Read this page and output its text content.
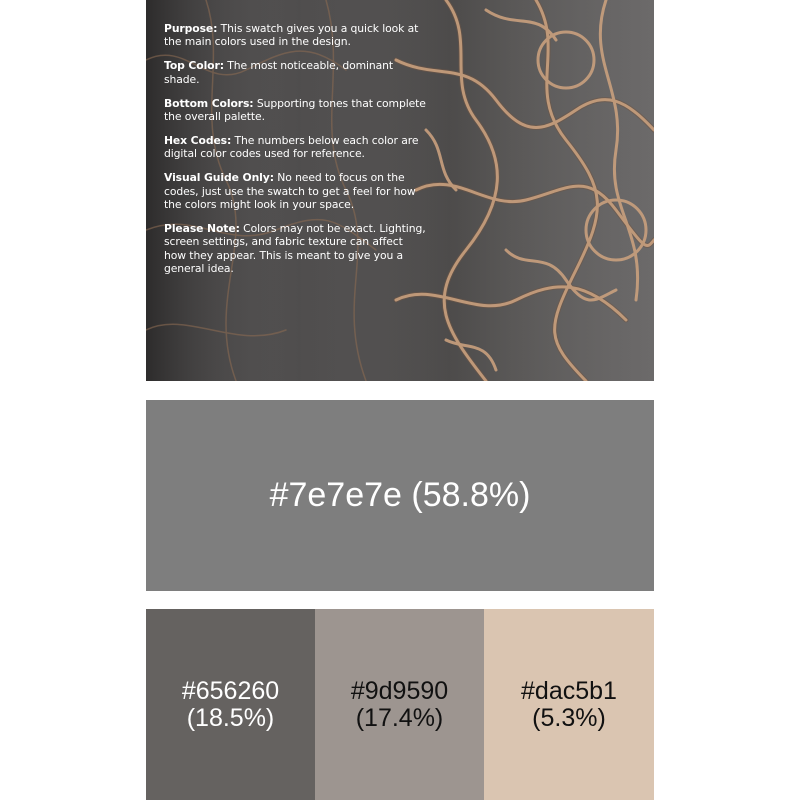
Purpose: This swatch gives you a quick look at the main colors used in the design.

Top Color: The most noticeable, dominant shade.

Bottom Colors: Supporting tones that complete the overall palette.

Hex Codes: The numbers below each color are digital color codes used for reference.

Visual Guide Only: No need to focus on the codes, just use the swatch to get a feel for how the colors might look in your space.

Please Note: Colors may not be exact. Lighting, screen settings, and fabric texture can affect how they appear. This is meant to give you a general idea.

#7e7e7e (58.8%)
#656260
(18.5%)
#9d9590
(17.4%)
#dac5b1
(5.3%)
